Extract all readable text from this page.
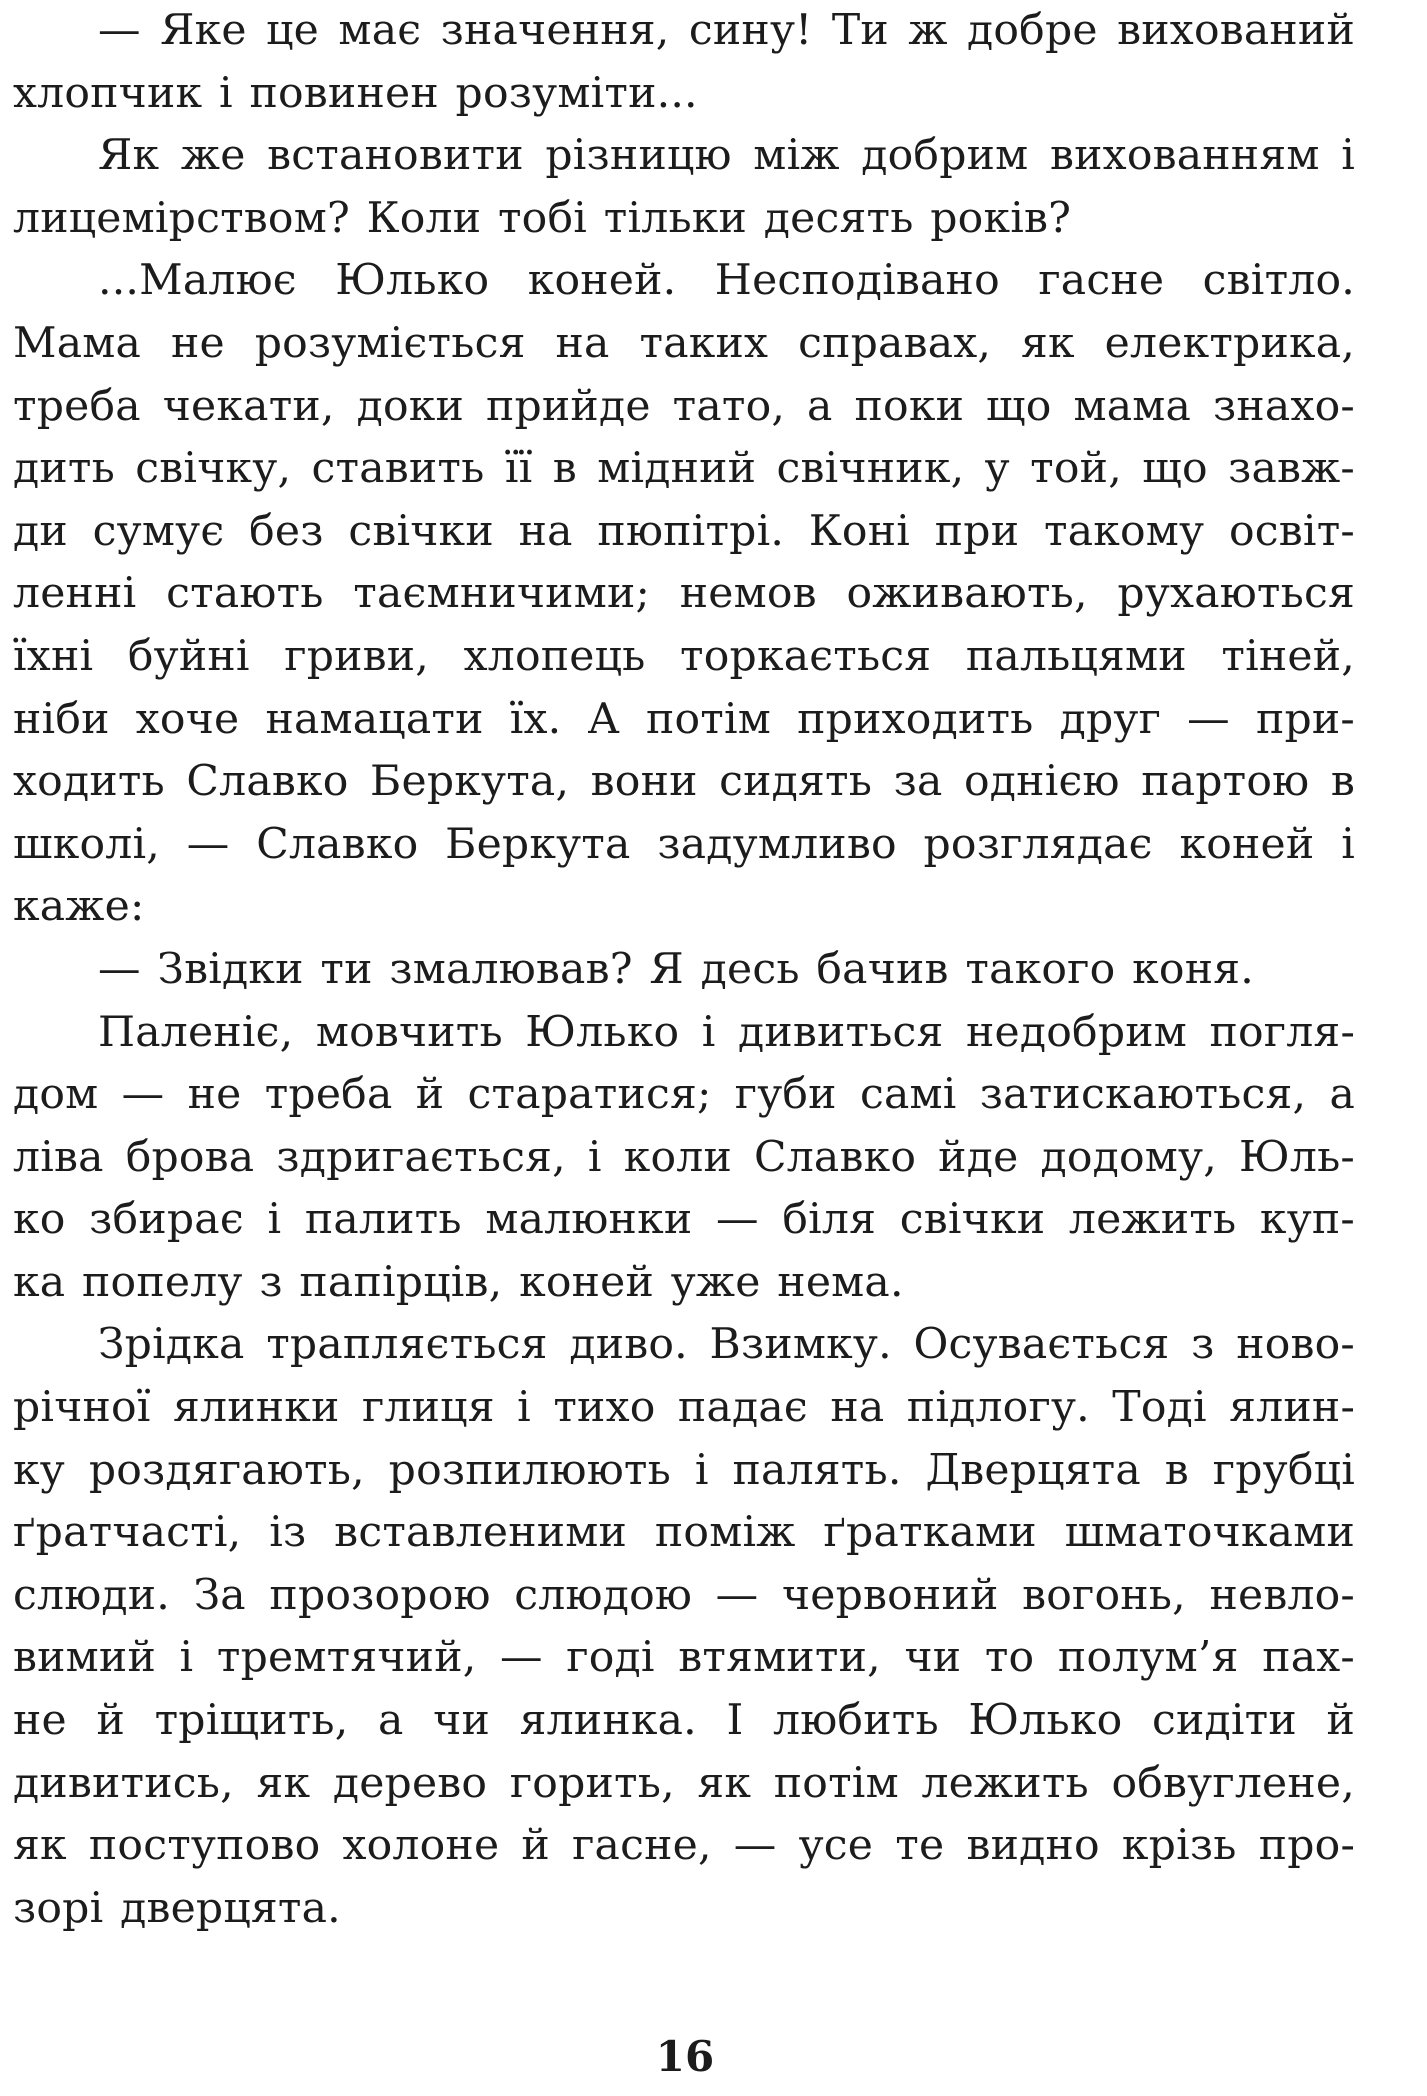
— Яке це має значення, сину! Ти ж добре вихований
хлопчик і повинен розуміти...
Як же встановити різницю між добрим вихованням і
лицемірством? Коли тобі тільки десять років?
...Малює Юлько коней. Несподівано гасне світло.
Мама не розуміється на таких справах, як електрика,
треба чекати, доки прийде тато, а поки що мама знахо-
дить свічку, ставить її в мідний свічник, у той, що завж-
ди сумує без свічки на пюпітрі. Коні при такому освіт-
ленні стають таємничими; немов оживають, рухаються
їхні буйні гриви, хлопець торкається пальцями тіней,
ніби хоче намацати їх. А потім приходить друг — при-
ходить Славко Беркута, вони сидять за однією партою в
школі, — Славко Беркута задумливо розглядає коней і
каже:
— Звідки ти змалював? Я десь бачив такого коня.
Паленіє, мовчить Юлько і дивиться недобрим погля-
дом — не треба й старатися; губи самі затискаються, а
ліва брова здригається, і коли Славко йде додому, Юль-
ко збирає і палить малюнки — біля свічки лежить куп-
ка попелу з папірців, коней уже нема.
Зрідка трапляється диво. Взимку. Осувається з ново-
річної ялинки глиця і тихо падає на підлогу. Тоді ялин-
ку роздягають, розпилюють і палять. Дверцята в грубці
ґратчасті, із вставленими поміж ґратками шматочками
слюди. За прозорою слюдою — червоний вогонь, невло-
вимий і тремтячий, — годі втямити, чи то полум’я пах-
не й тріщить, а чи ялинка. І любить Юлько сидіти й
дивитись, як дерево горить, як потім лежить обвуглене,
як поступово холоне й гасне, — усе те видно крізь про-
зорі дверцята.
16
